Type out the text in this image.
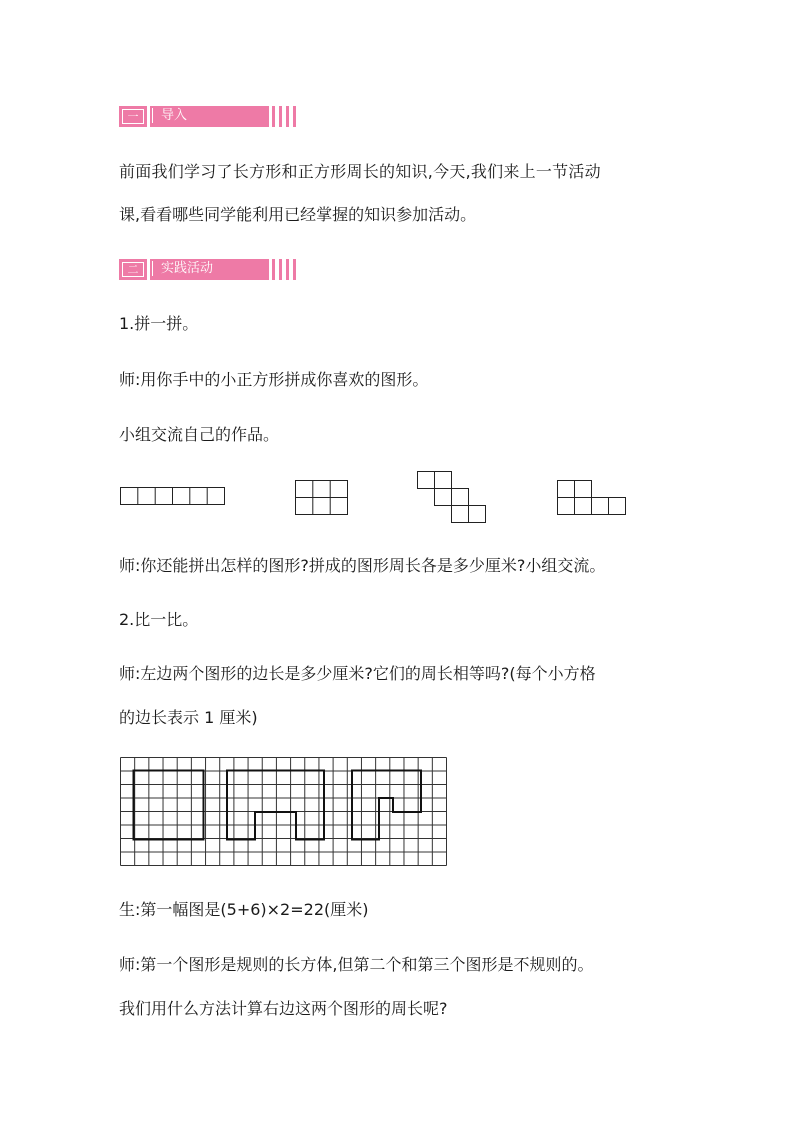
一	导入

前面我们学习了长方形和正方形周长的知识,今天,我们来上一节活动

课,看看哪些同学能利用已经掌握的知识参加活动。

二	实践活动

1.拼一拼。

师:用你手中的小正方形拼成你喜欢的图形。

小组交流自己的作品。

师:你还能拼出怎样的图形?拼成的图形周长各是多少厘米?小组交流。

2.比一比。

师:左边两个图形的边长是多少厘米?它们的周长相等吗?(每个小方格

的边长表示 1 厘米)

生:第一幅图是(5+6)×2=22(厘米)

师:第一个图形是规则的长方体,但第二个和第三个图形是不规则的。

我们用什么方法计算右边这两个图形的周长呢?
